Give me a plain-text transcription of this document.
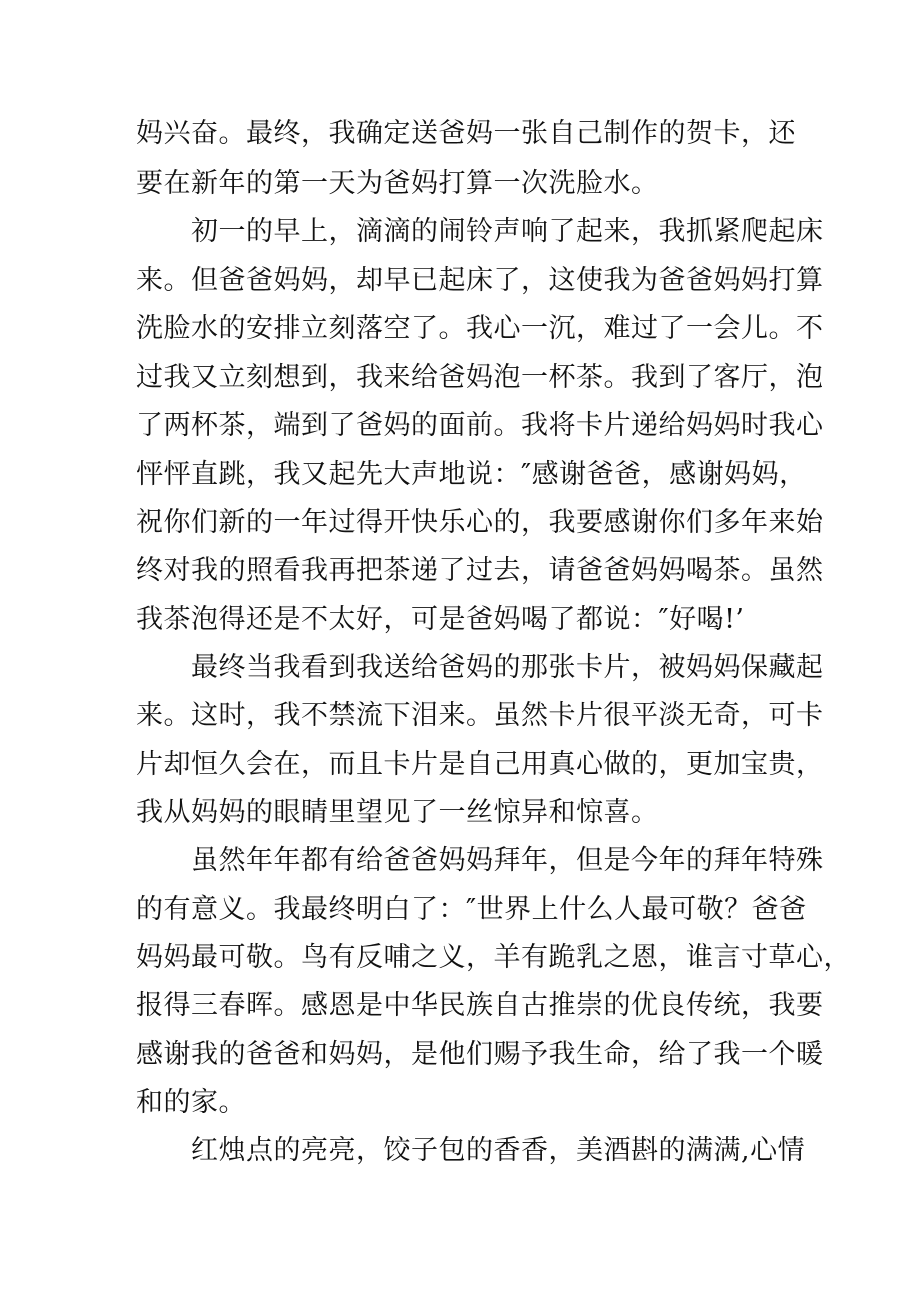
妈兴奋。最终，我确定送爸妈一张自己制作的贺卡，还
要在新年的第一天为爸妈打算一次洗脸水。
初一的早上，滴滴的闹铃声响了起来，我抓紧爬起床
来。但爸爸妈妈，却早已起床了，这使我为爸爸妈妈打算
洗脸水的安排立刻落空了。我心一沉，难过了一会儿。不
过我又立刻想到，我来给爸妈泡一杯茶。我到了客厅，泡
了两杯茶，端到了爸妈的面前。我将卡片递给妈妈时我心
怦怦直跳，我又起先大声地说：″感谢爸爸，感谢妈妈，
祝你们新的一年过得开快乐心的，我要感谢你们多年来始
终对我的照看我再把茶递了过去，请爸爸妈妈喝茶。虽然
我茶泡得还是不太好，可是爸妈喝了都说：″好喝!’
最终当我看到我送给爸妈的那张卡片，被妈妈保藏起
来。这时，我不禁流下泪来。虽然卡片很平淡无奇，可卡
片却恒久会在，而且卡片是自己用真心做的，更加宝贵，
我从妈妈的眼睛里望见了一丝惊异和惊喜。
虽然年年都有给爸爸妈妈拜年，但是今年的拜年特殊
的有意义。我最终明白了：″世界上什么人最可敬？爸爸
妈妈最可敬。鸟有反哺之义，羊有跪乳之恩，谁言寸草心，
报得三春晖。感恩是中华民族自古推崇的优良传统，我要
感谢我的爸爸和妈妈，是他们赐予我生命，给了我一个暖
和的家。
红烛点的亮亮，饺子包的香香，美酒斟的满满,心情
